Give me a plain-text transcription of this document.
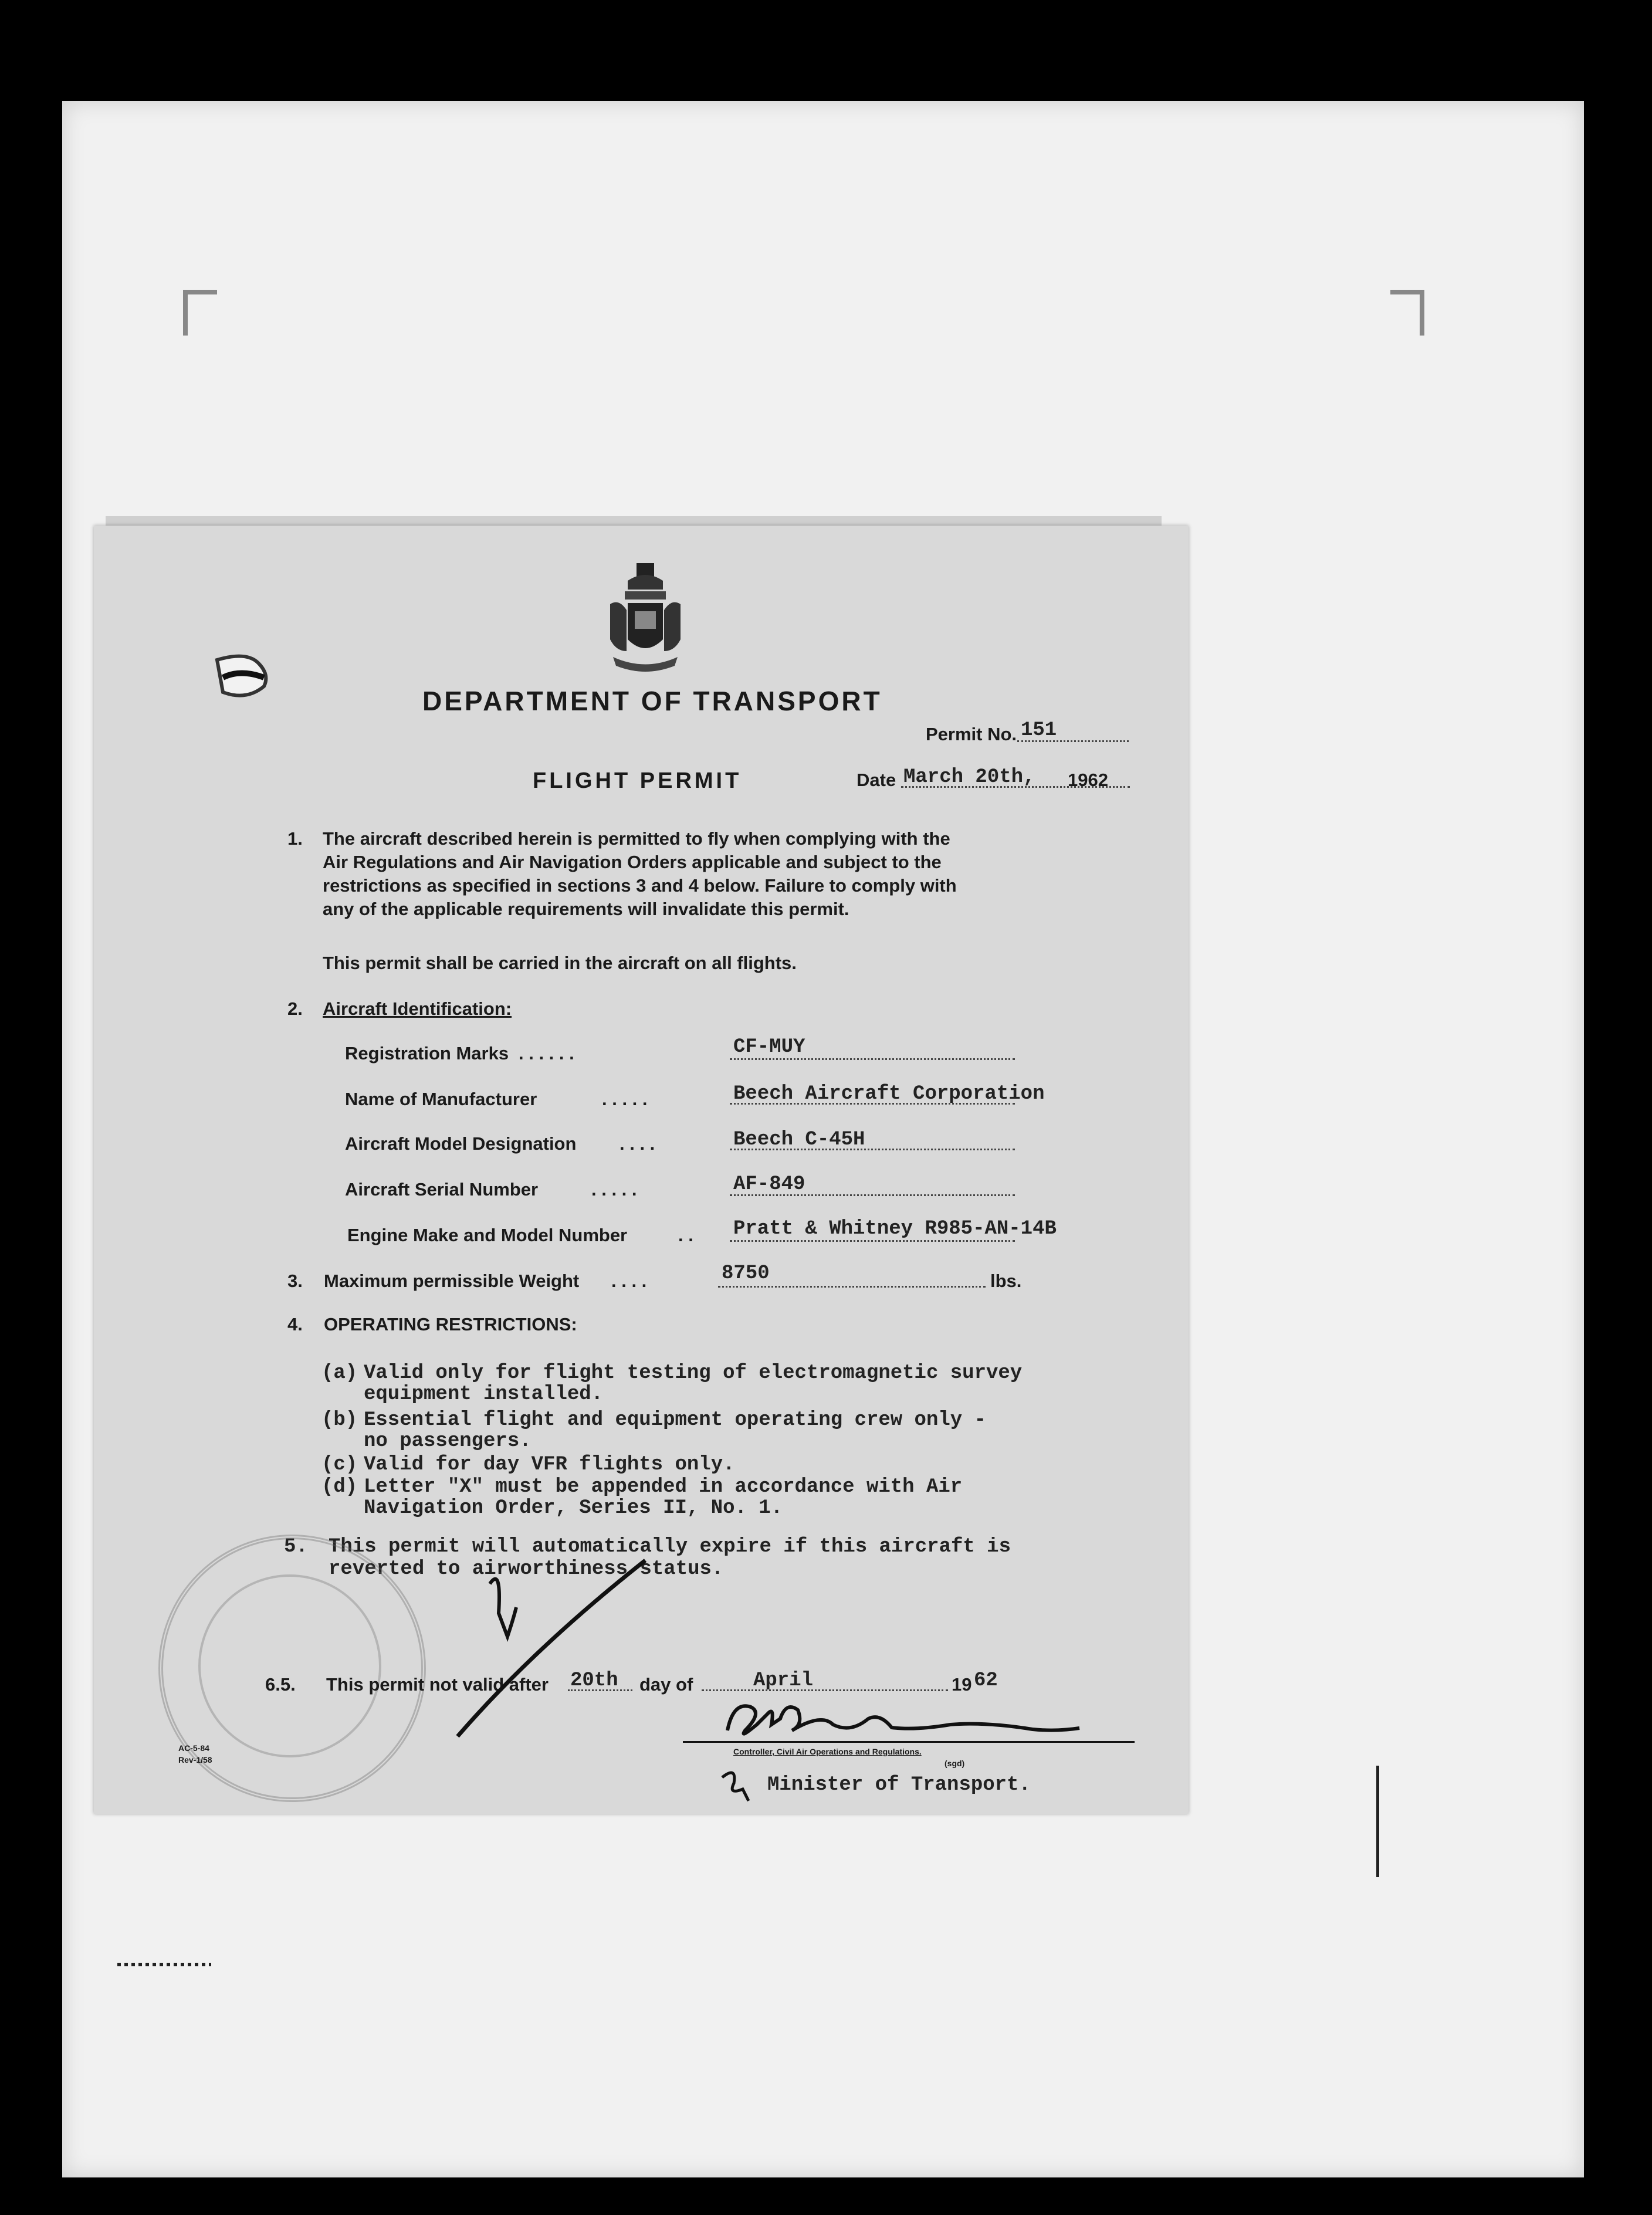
DEPARTMENT OF TRANSPORT
Permit No. 151
FLIGHT PERMIT	Date March 20th, 1962
1. The aircraft described herein is permitted to fly when complying with the
Air Regulations and Air Navigation Orders applicable and subject to the
restrictions as specified in sections 3 and 4 below. Failure to comply with
any of the applicable requirements will invalidate this permit.
This permit shall be carried in the aircraft on all flights.
2. Aircraft Identification:
Registration Marks . . . . . .	CF-MUY
Name of Manufacturer	. . . . .	Beech Aircraft Corporation
Aircraft Model Designation . . . .	Beech C-45H
Aircraft Serial Number	. . . . .	AF-849
Engine Make and Model Number	. . Pratt & Whitney R985-AN-14B
3. Maximum permissible Weight . . . .	8750	lbs.
4. OPERATING RESTRICTIONS:
(a) Valid only for flight testing of electromagnetic survey
equipment installed.
(b) Essential flight and equipment operating crew only -
no passengers.
(c) Valid for day VFR flights only.
(d) Letter "X" must be appended in accordance with Air
Navigation Order, Series II, No. 1.
5. This permit will automatically expire if this aircraft is
reverted to airworthiness status.
6.5. This permit not valid after 20th day of	April	19 62
Controller, Civil Air Operations and Regulations.
(sgd)
Minister of Transport.
AC-5-84
Rev-1/58
